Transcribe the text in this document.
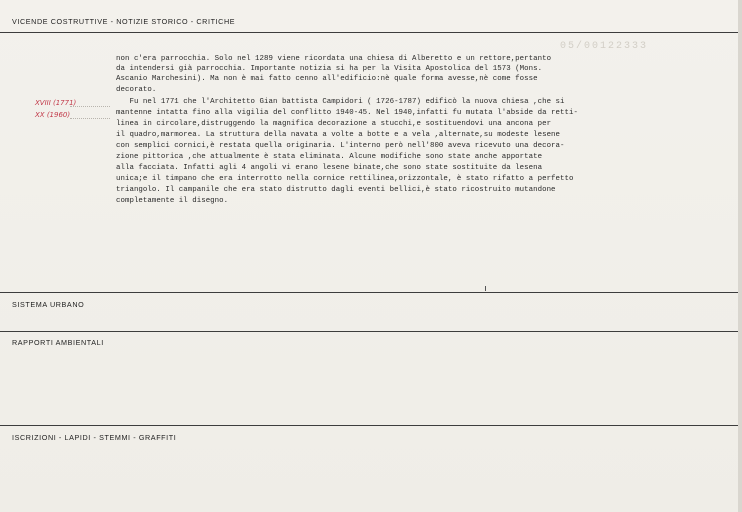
VICENDE COSTRUTTIVE - NOTIZIE STORICO - CRITICHE
05/00122333
XVIII (1771)
XX (1960)
non c'era parrocchia. Solo nel 1289 viene ricordata una chiesa di Alberetto e un rettore,pertanto
da intendersi già parrocchia. Importante notizia si ha per la Visita Apostolica del 1573 (Mons.
Ascanio Marchesini). Ma non è mai fatto cenno all'edificio:nè quale forma avesse,nè come fosse
decorato.
Fu nel 1771 che l'Architetto Gian battista Campidori ( 1726-1787) edificò la nuova chiesa ,che si
mantenne intatta fino alla vigilia del conflitto 1940-45. Nel 1940,infatti fu mutata l'abside da retti-
linea in circolare,distruggendo la magnifica decorazione a stucchi,e sostituendovi una ancona per
il quadro,marmorea. La struttura della navata a volte a botte e a vela ,alternate,su modeste lesene
con semplici cornici,è restata quella originaria. L'interno però nell'800 aveva ricevuto una decora-
zione pittorica ,che attualmente è stata eliminata. Alcune modifiche sono state anche apportate
alla facciata. Infatti agli 4 angoli vi erano lesene binate,che sono state sostituite da lesena
unica;e il timpano che era interrotto nella cornice rettilinea,orizzontale, è stato rifatto a perfetto
triangolo. Il campanile che era stato distrutto dagli eventi bellici,è stato ricostruito mutandone
completamente il disegno.
SISTEMA URBANO
RAPPORTI AMBIENTALI
ISCRIZIONI - LAPIDI - STEMMI - GRAFFITI
